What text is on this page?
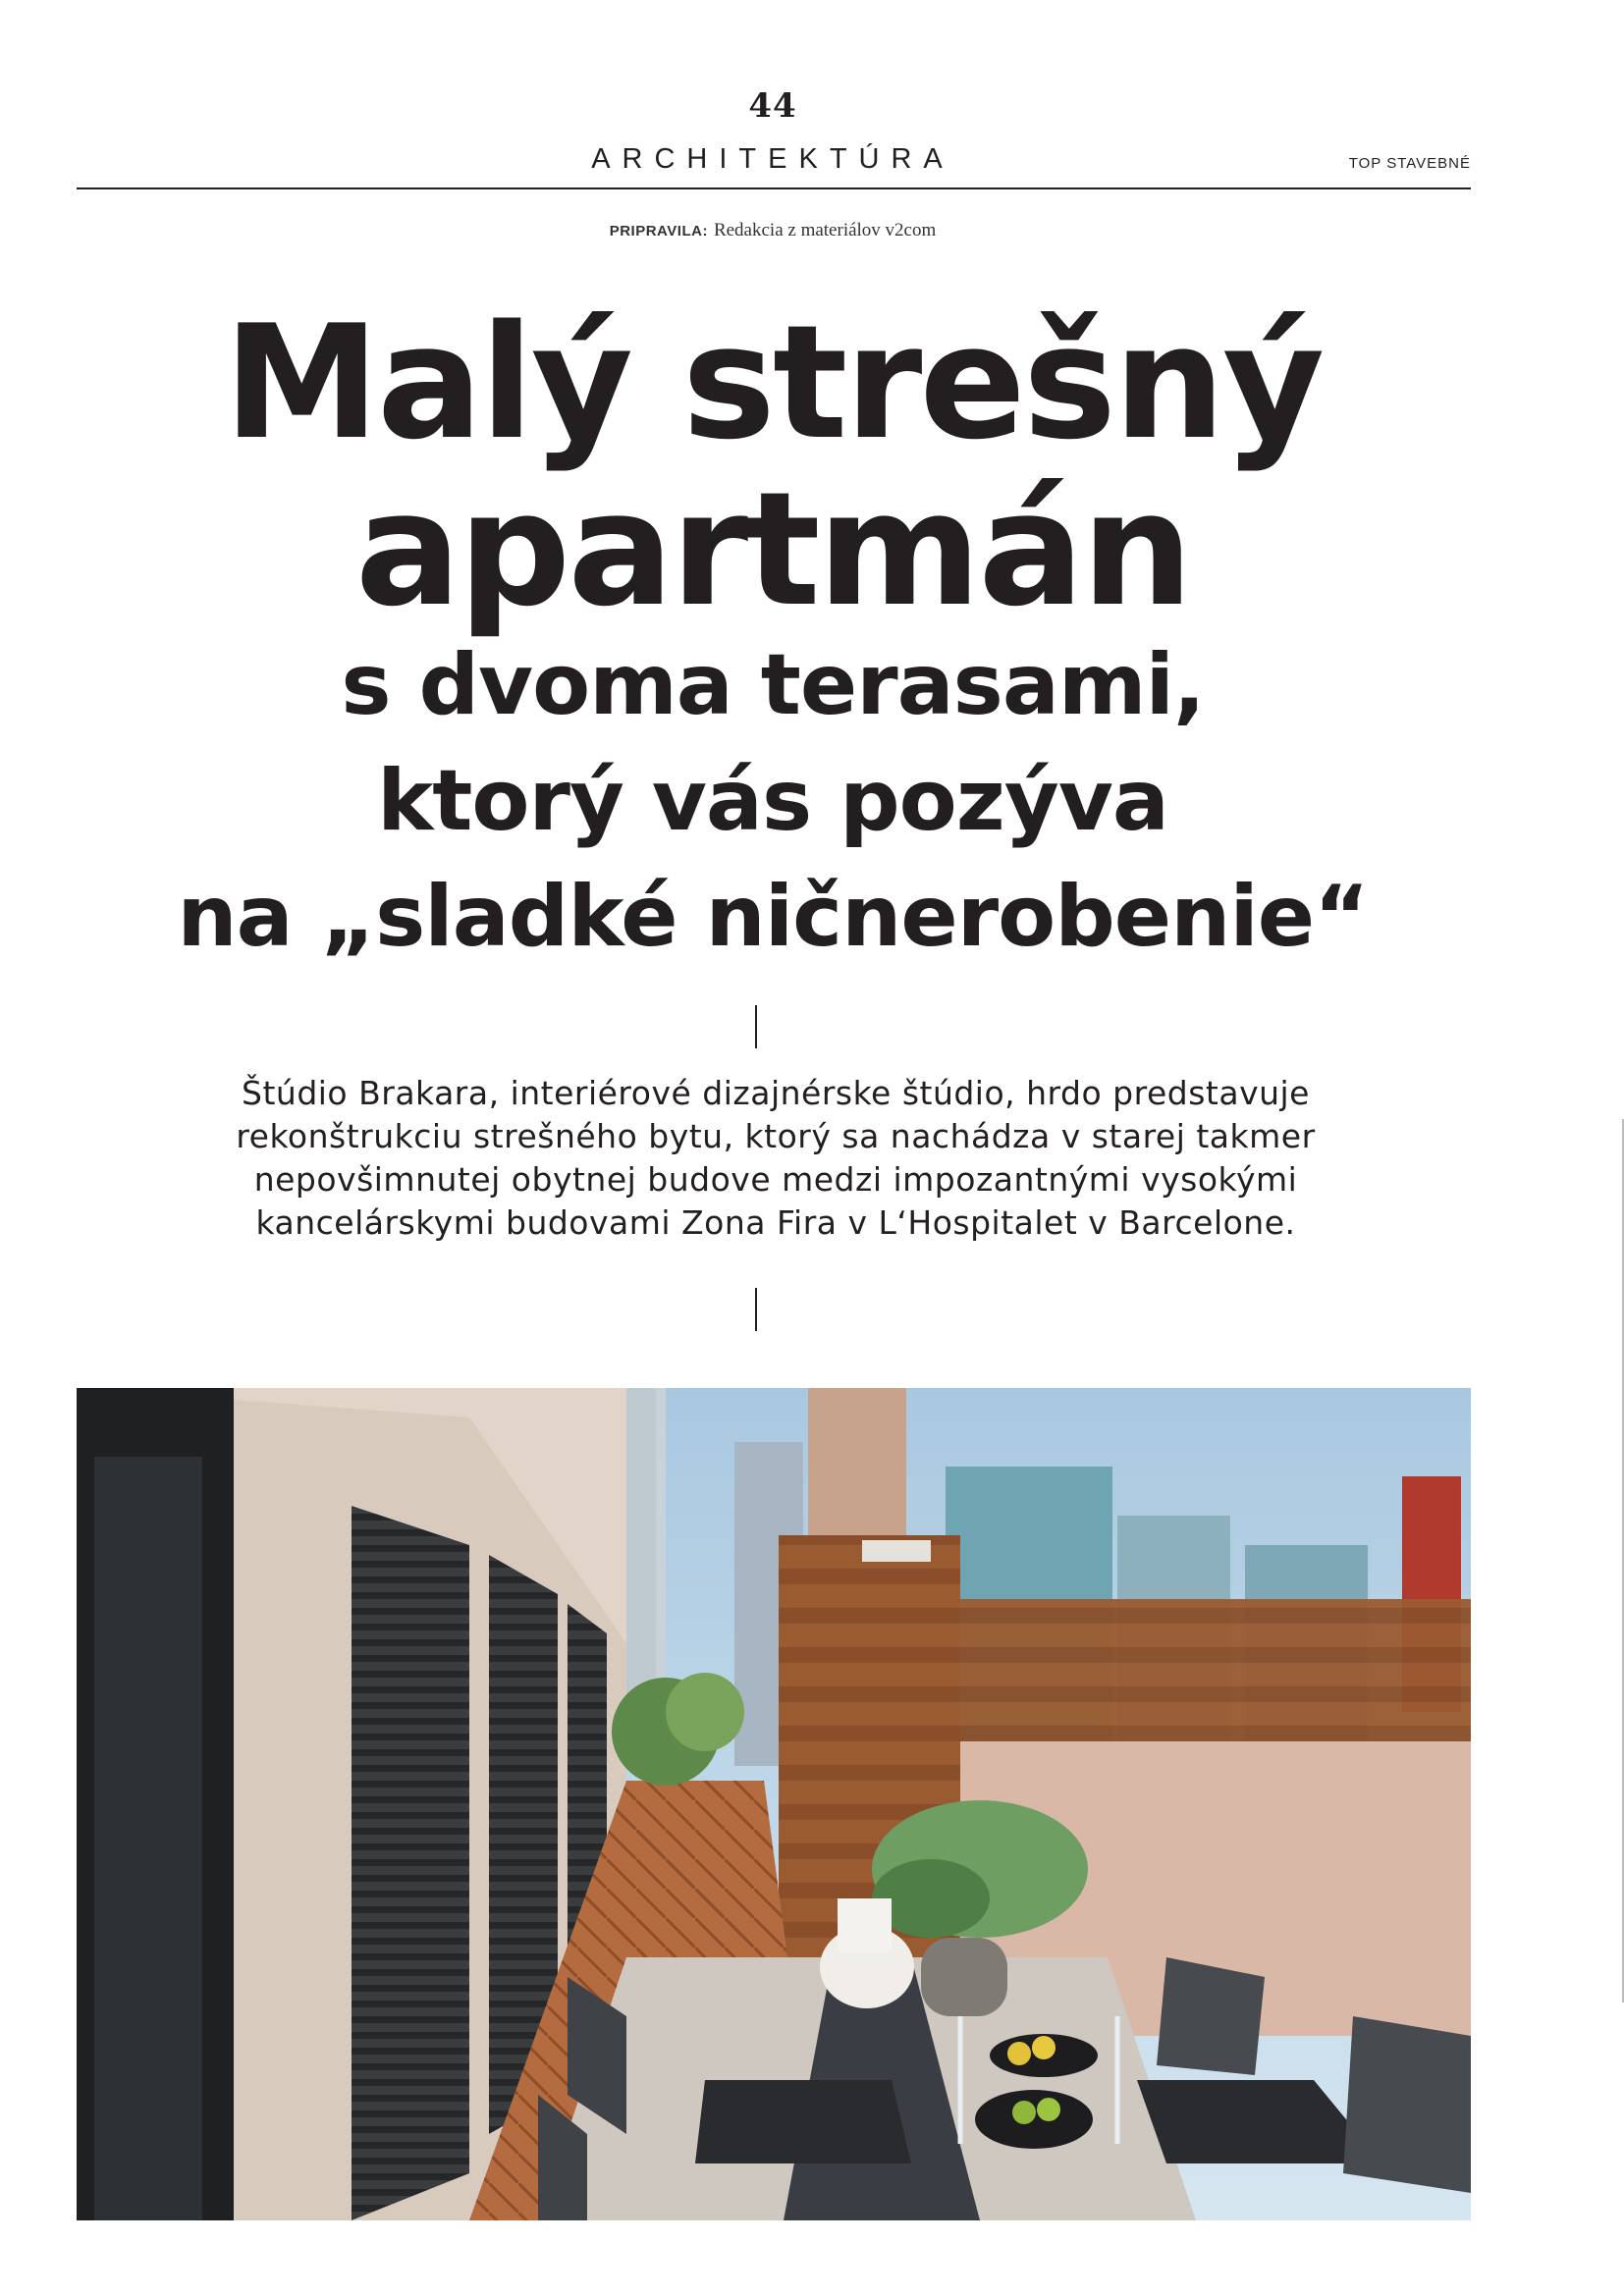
44
ARCHITEKTÚRA	TOP STAVEBNÉ
PRIPRAVILA: Redakcia z materiálov v2com
Malý strešný
apartmán
s dvoma terasami,
ktorý vás pozýva
na „sladké ničnerobenie“
Štúdio Brakara, interiérové dizajnérske štúdio, hrdo predstavuje rekonštrukciu strešného bytu, ktorý sa nachádza v starej takmer nepovšimnutej obytnej budove medzi impozantnými vysokými kancelárskymi budovami Zona Fira v L‘Hospitalet v Barcelone.
